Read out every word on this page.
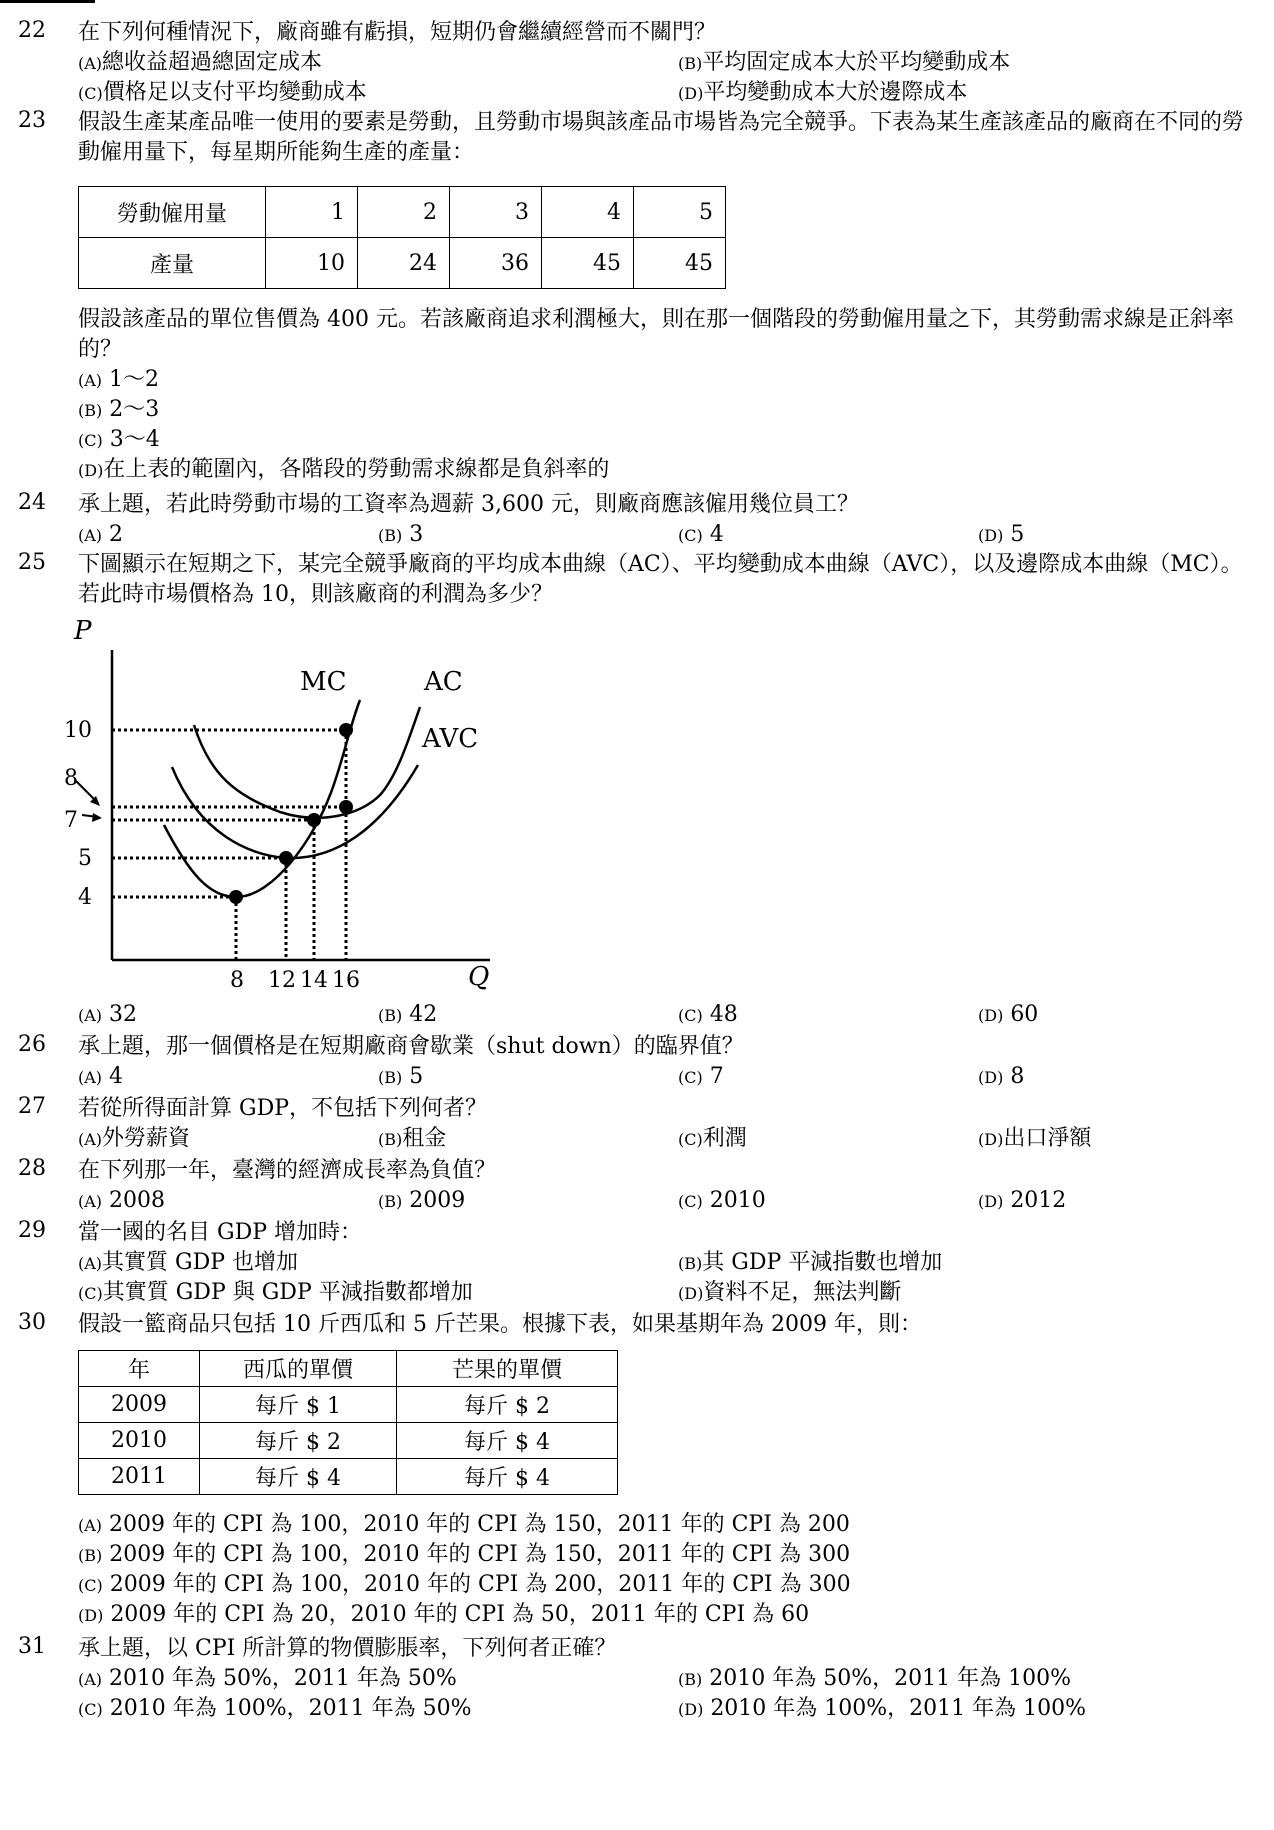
22	在下列何種情況下，廠商雖有虧損，短期仍會繼續經營而不關門？
(A)總收益超過總固定成本	(B)平均固定成本大於平均變動成本
(C)價格足以支付平均變動成本	(D)平均變動成本大於邊際成本
23	假設生產某產品唯一使用的要素是勞動，且勞動市場與該產品市場皆為完全競爭。下表為某生產該產品的廠商在不同的勞動僱用量下，每星期所能夠生產的產量：
勞動僱用量	1	2	3	4	5
產量	10	24	36	45	45
假設該產品的單位售價為 400 元。若該廠商追求利潤極大，則在那一個階段的勞動僱用量之下，其勞動需求線是正斜率的？
(A) 1～2
(B) 2～3
(C) 3～4
(D)在上表的範圍內，各階段的勞動需求線都是負斜率的
24	承上題，若此時勞動市場的工資率為週薪 3,600 元，則廠商應該僱用幾位員工？
(A) 2	(B) 3	(C) 4	(D) 5
25	下圖顯示在短期之下，某完全競爭廠商的平均成本曲線（AC）、平均變動成本曲線（AVC），以及邊際成本曲線（MC）。若此時市場價格為 10，則該廠商的利潤為多少？
P
Q
MC	AC
AVC
10
8
7
5
4
8 12 14 16
(A) 32	(B) 42	(C) 48	(D) 60
26	承上題，那一個價格是在短期廠商會歇業（shut down）的臨界值？
(A) 4	(B) 5	(C) 7	(D) 8
27	若從所得面計算 GDP，不包括下列何者？
(A)外勞薪資	(B)租金	(C)利潤	(D)出口淨額
28	在下列那一年，臺灣的經濟成長率為負值？
(A) 2008	(B) 2009	(C) 2010	(D) 2012
29	當一國的名目 GDP 增加時：
(A)其實質 GDP 也增加	(B)其 GDP 平減指數也增加
(C)其實質 GDP 與 GDP 平減指數都增加	(D)資料不足，無法判斷
30	假設一籃商品只包括 10 斤西瓜和 5 斤芒果。根據下表，如果基期年為 2009 年，則：
年	西瓜的單價	芒果的單價
2009	每斤 $ 1	每斤 $ 2
2010	每斤 $ 2	每斤 $ 4
2011	每斤 $ 4	每斤 $ 4
(A) 2009 年的 CPI 為 100，2010 年的 CPI 為 150，2011 年的 CPI 為 200
(B) 2009 年的 CPI 為 100，2010 年的 CPI 為 150，2011 年的 CPI 為 300
(C) 2009 年的 CPI 為 100，2010 年的 CPI 為 200，2011 年的 CPI 為 300
(D) 2009 年的 CPI 為 20，2010 年的 CPI 為 50，2011 年的 CPI 為 60
31	承上題，以 CPI 所計算的物價膨脹率，下列何者正確？
(A) 2010 年為 50%，2011 年為 50%	(B) 2010 年為 50%，2011 年為 100%
(C) 2010 年為 100%，2011 年為 50%	(D) 2010 年為 100%，2011 年為 100%
